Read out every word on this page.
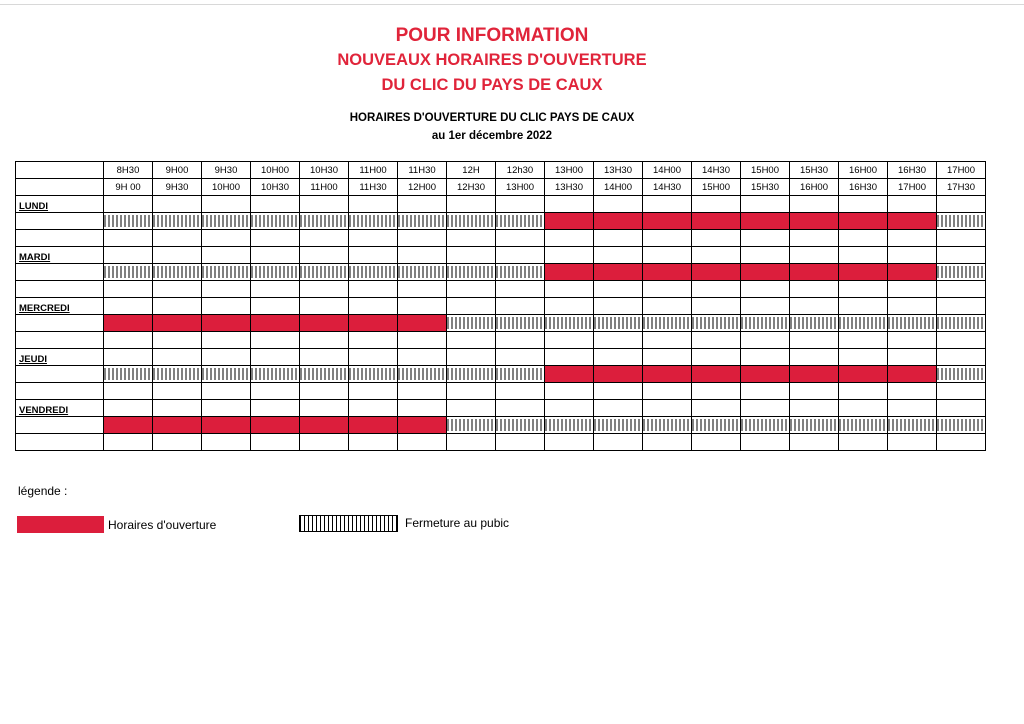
POUR INFORMATION
NOUVEAUX HORAIRES D'OUVERTURE
DU CLIC DU PAYS DE CAUX
HORAIRES D'OUVERTURE DU CLIC PAYS DE CAUX
au 1er décembre 2022
	8H30	9H00	9H30	10H00	10H30	11H00	11H30	12H	12h30	13H00	13H30	14H00	14H30	15H00	15H30	16H00	16H30	17H00
	9H 00	9H30	10H00	10H30	11H00	11H30	12H00	12H30	13H00	13H30	14H00	14H30	15H00	15H30	16H00	16H30	17H00	17H30
LUNDI																		

MARDI																		

MERCREDI																		

JEUDI																		

VENDREDI																		

légende :
Horaires d'ouverture	Fermeture au pubic
